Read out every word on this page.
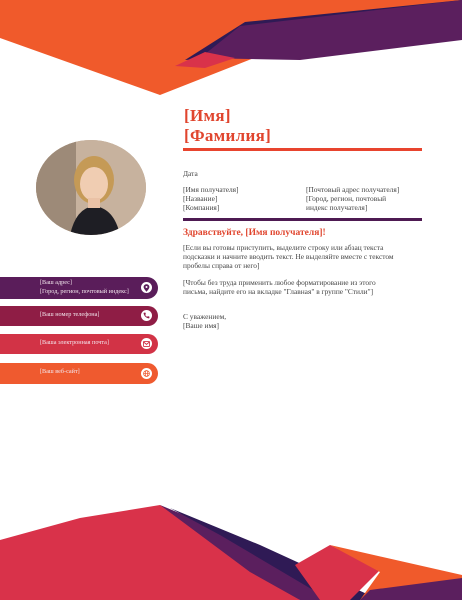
[Имя]
[Фамилия]
Дата
[Имя получателя]
[Название]
[Компания]
[Почтовый адрес получателя]
[Город, регион, почтовый
индекс получателя]
Здравствуйте, [Имя получателя]!
[Если вы готовы приступить, выделите строку или абзац текста
подсказки и начните вводить текст. Не выделяйте вместе с текстом
пробелы справа от него]
[Чтобы без труда применить любое форматирование из этого
письма, найдите его на вкладке "Главная" в группе "Стили"]
С уважением,
[Ваше имя]
[Ваш адрес]
[Город, регион, почтовый индекс]
[Ваш номер телефона]
[Ваша электронная почта]
[Ваш веб-сайт]
